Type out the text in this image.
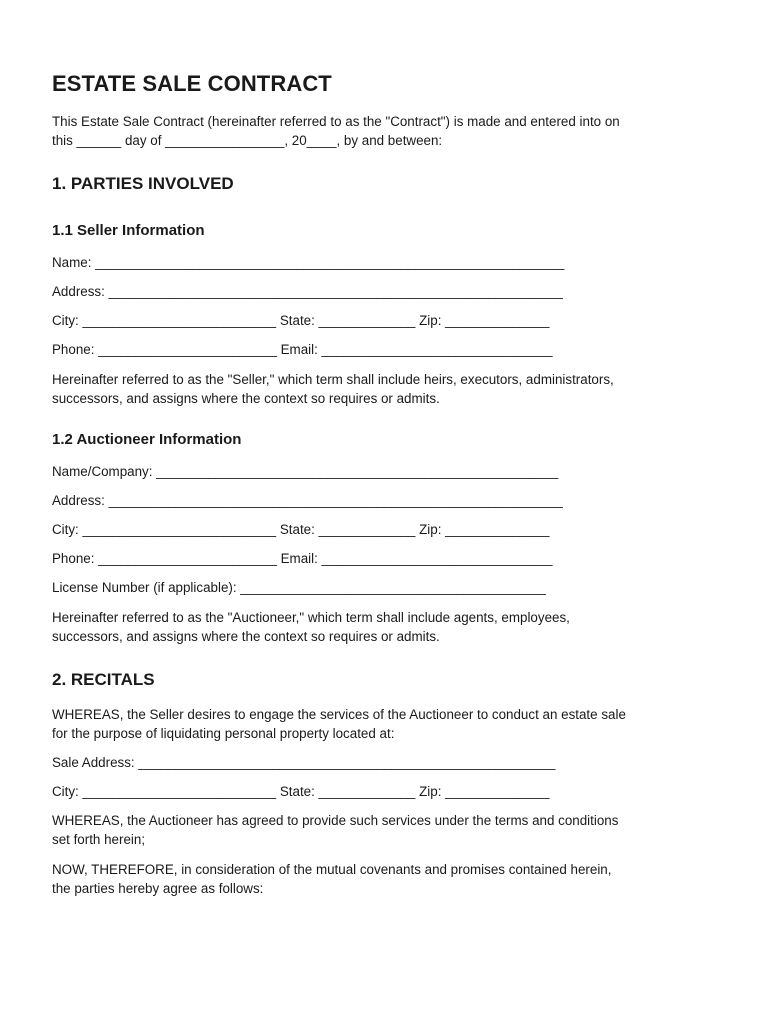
ESTATE SALE CONTRACT

This Estate Sale Contract (hereinafter referred to as the "Contract") is made and entered into on
this ______ day of ________________, 20____, by and between:

1. PARTIES INVOLVED
1.1 Seller Information

Name: _______________________________________________________________

Address: _____________________________________________________________

City: __________________________ State: _____________ Zip: ______________

Phone: ________________________ Email: _______________________________

Hereinafter referred to as the "Seller," which term shall include heirs, executors, administrators,
successors, and assigns where the context so requires or admits.

1.2 Auctioneer Information

Name/Company: ______________________________________________________

Address: _____________________________________________________________

City: __________________________ State: _____________ Zip: ______________

Phone: ________________________ Email: _______________________________

License Number (if applicable): _________________________________________

Hereinafter referred to as the "Auctioneer," which term shall include agents, employees,
successors, and assigns where the context so requires or admits.

2. RECITALS

WHEREAS, the Seller desires to engage the services of the Auctioneer to conduct an estate sale
for the purpose of liquidating personal property located at:

Sale Address: ________________________________________________________

City: __________________________ State: _____________ Zip: ______________

WHEREAS, the Auctioneer has agreed to provide such services under the terms and conditions
set forth herein;

NOW, THEREFORE, in consideration of the mutual covenants and promises contained herein,
the parties hereby agree as follows:
